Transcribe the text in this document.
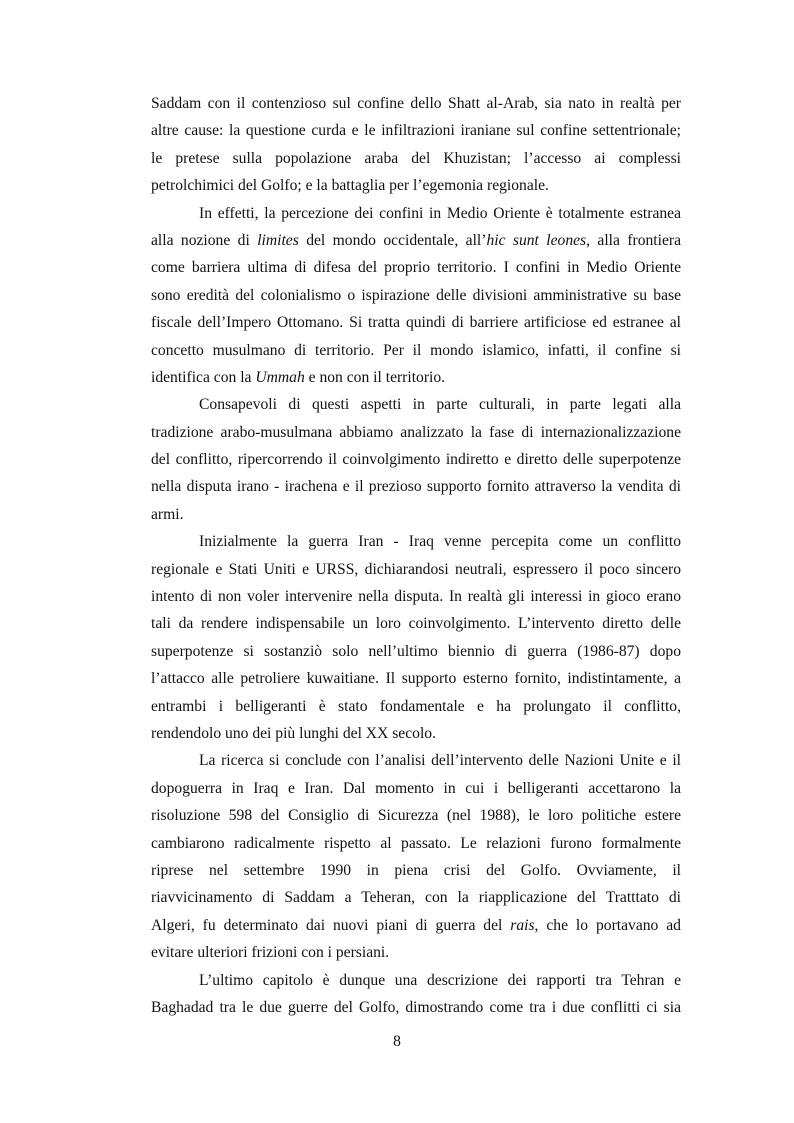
Saddam con il contenzioso sul confine dello Shatt al-Arab, sia nato in realtà per
altre cause: la questione curda e le infiltrazioni iraniane sul confine settentrionale;
le pretese sulla popolazione araba del Khuzistan; l’accesso ai complessi
petrolchimici del Golfo; e la battaglia per l’egemonia regionale.
In effetti, la percezione dei confini in Medio Oriente è totalmente estranea
alla nozione di limites del mondo occidentale, all’hic sunt leones, alla frontiera
come barriera ultima di difesa del proprio territorio. I confini in Medio Oriente
sono eredità del colonialismo o ispirazione delle divisioni amministrative su base
fiscale dell’Impero Ottomano. Si tratta quindi di barriere artificiose ed estranee al
concetto musulmano di territorio. Per il mondo islamico, infatti, il confine si
identifica con la Ummah e non con il territorio.
Consapevoli di questi aspetti in parte culturali, in parte legati alla
tradizione arabo-musulmana abbiamo analizzato la fase di internazionalizzazione
del conflitto, ripercorrendo il coinvolgimento indiretto e diretto delle superpotenze
nella disputa irano - irachena e il prezioso supporto fornito attraverso la vendita di
armi.
Inizialmente la guerra Iran - Iraq venne percepita come un conflitto
regionale e Stati Uniti e URSS, dichiarandosi neutrali, espressero il poco sincero
intento di non voler intervenire nella disputa. In realtà gli interessi in gioco erano
tali da rendere indispensabile un loro coinvolgimento. L’intervento diretto delle
superpotenze si sostanziò solo nell’ultimo biennio di guerra (1986-87) dopo
l’attacco alle petroliere kuwaitiane. Il supporto esterno fornito, indistintamente, a
entrambi i belligeranti è stato fondamentale e ha prolungato il conflitto,
rendendolo uno dei più lunghi del XX secolo.
La ricerca si conclude con l’analisi dell’intervento delle Nazioni Unite e il
dopoguerra in Iraq e Iran. Dal momento in cui i belligeranti accettarono la
risoluzione 598 del Consiglio di Sicurezza (nel 1988), le loro politiche estere
cambiarono radicalmente rispetto al passato. Le relazioni furono formalmente
riprese nel settembre 1990 in piena crisi del Golfo. Ovviamente, il
riavvicinamento di Saddam a Teheran, con la riapplicazione del Tratttato di
Algeri, fu determinato dai nuovi piani di guerra del rais, che lo portavano ad
evitare ulteriori frizioni con i persiani.
L’ultimo capitolo è dunque una descrizione dei rapporti tra Tehran e
Baghadad tra le due guerre del Golfo, dimostrando come tra i due conflitti ci sia
8
